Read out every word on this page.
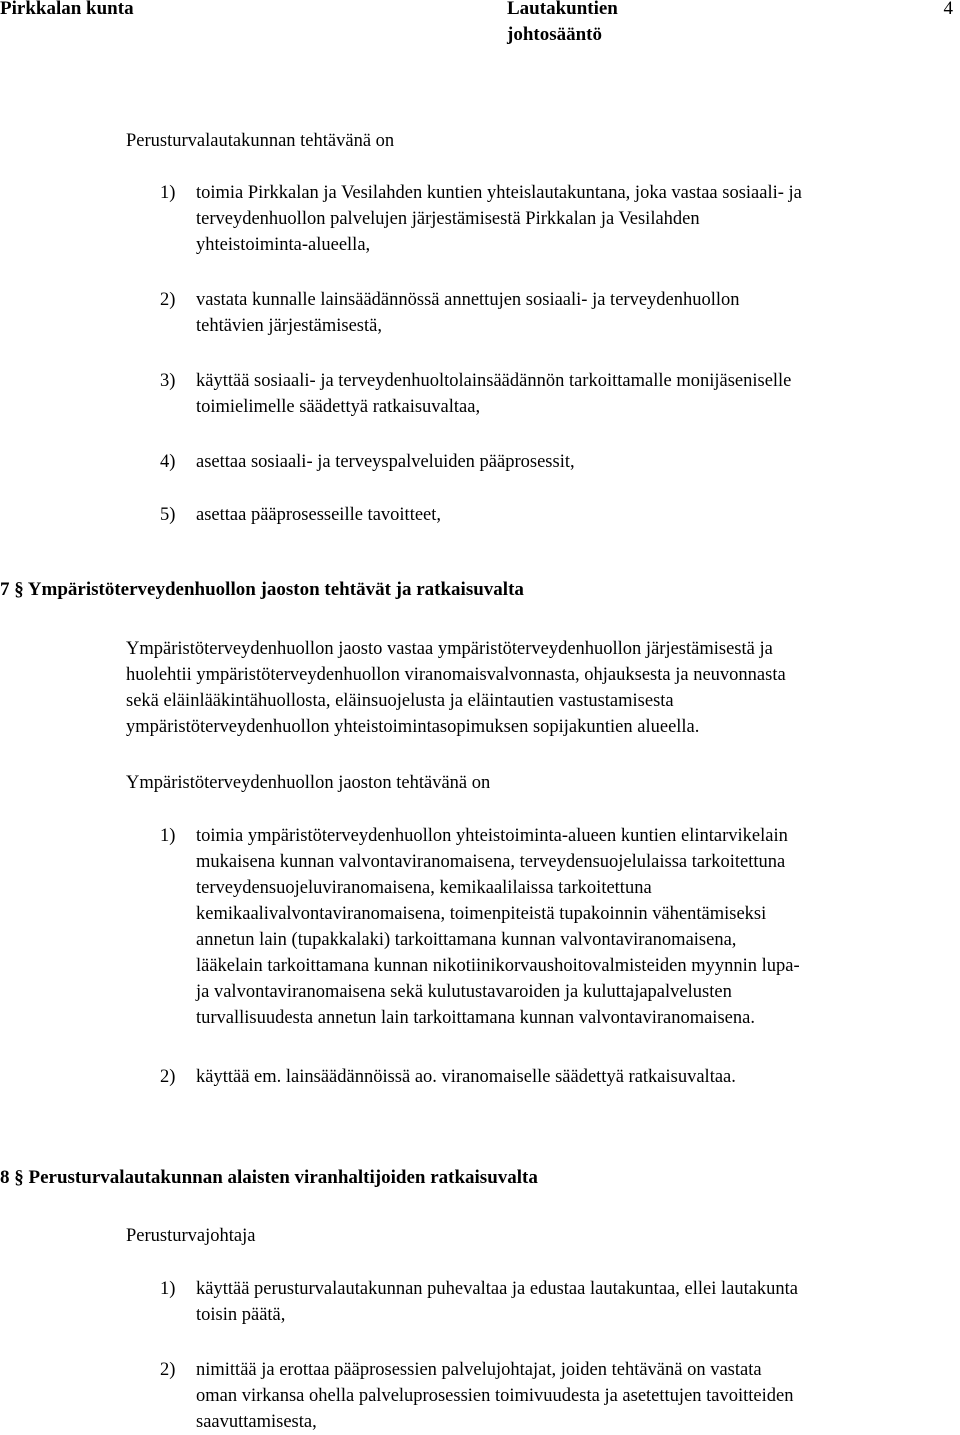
Pirkkalan kunta	Lautakuntien
johtosääntö
4
Perusturvalautakunnan tehtävänä on
1) toimia Pirkkalan ja Vesilahden kuntien yhteislautakuntana, joka vastaa sosiaali- ja
terveydenhuollon palvelujen järjestämisestä Pirkkalan ja Vesilahden
yhteistoiminta-alueella,
2) vastata kunnalle lainsäädännössä annettujen sosiaali- ja terveydenhuollon
tehtävien järjestämisestä,
3) käyttää sosiaali- ja terveydenhuoltolainsäädännön tarkoittamalle monijäseniselle
toimielimelle säädettyä ratkaisuvaltaa,
4) asettaa sosiaali- ja terveyspalveluiden pääprosessit,
5) asettaa pääprosesseille tavoitteet,
7 § Ympäristöterveydenhuollon jaoston tehtävät ja ratkaisuvalta
Ympäristöterveydenhuollon jaosto vastaa ympäristöterveydenhuollon järjestämisestä ja
huolehtii ympäristöterveydenhuollon viranomaisvalvonnasta, ohjauksesta ja neuvonnasta
sekä eläinlääkintähuollosta, eläinsuojelusta ja eläintautien vastustamisesta
ympäristöterveydenhuollon yhteistoimintasopimuksen sopijakuntien alueella.
Ympäristöterveydenhuollon jaoston tehtävänä on
1) toimia ympäristöterveydenhuollon yhteistoiminta-alueen kuntien elintarvikelain
mukaisena kunnan valvontaviranomaisena, terveydensuojelulaissa tarkoitettuna
terveydensuojeluviranomaisena, kemikaalilaissa tarkoitettuna
kemikaalivalvontaviranomaisena, toimenpiteistä tupakoinnin vähentämiseksi
annetun lain (tupakkalaki) tarkoittamana kunnan valvontaviranomaisena,
lääkelain tarkoittamana kunnan nikotiinikorvaushoitovalmisteiden myynnin lupa-
ja valvontaviranomaisena sekä kulutustavaroiden ja kuluttajapalvelusten
turvallisuudesta annetun lain tarkoittamana kunnan valvontaviranomaisena.
2) käyttää em. lainsäädännöissä ao. viranomaiselle säädettyä ratkaisuvaltaa.
8 § Perusturvalautakunnan alaisten viranhaltijoiden ratkaisuvalta
Perusturvajohtaja
1) käyttää perusturvalautakunnan puhevaltaa ja edustaa lautakuntaa, ellei lautakunta
toisin päätä,
2) nimittää ja erottaa pääprosessien palvelujohtajat, joiden tehtävänä on vastata
oman virkansa ohella palveluprosessien toimivuudesta ja asetettujen tavoitteiden
saavuttamisesta,
